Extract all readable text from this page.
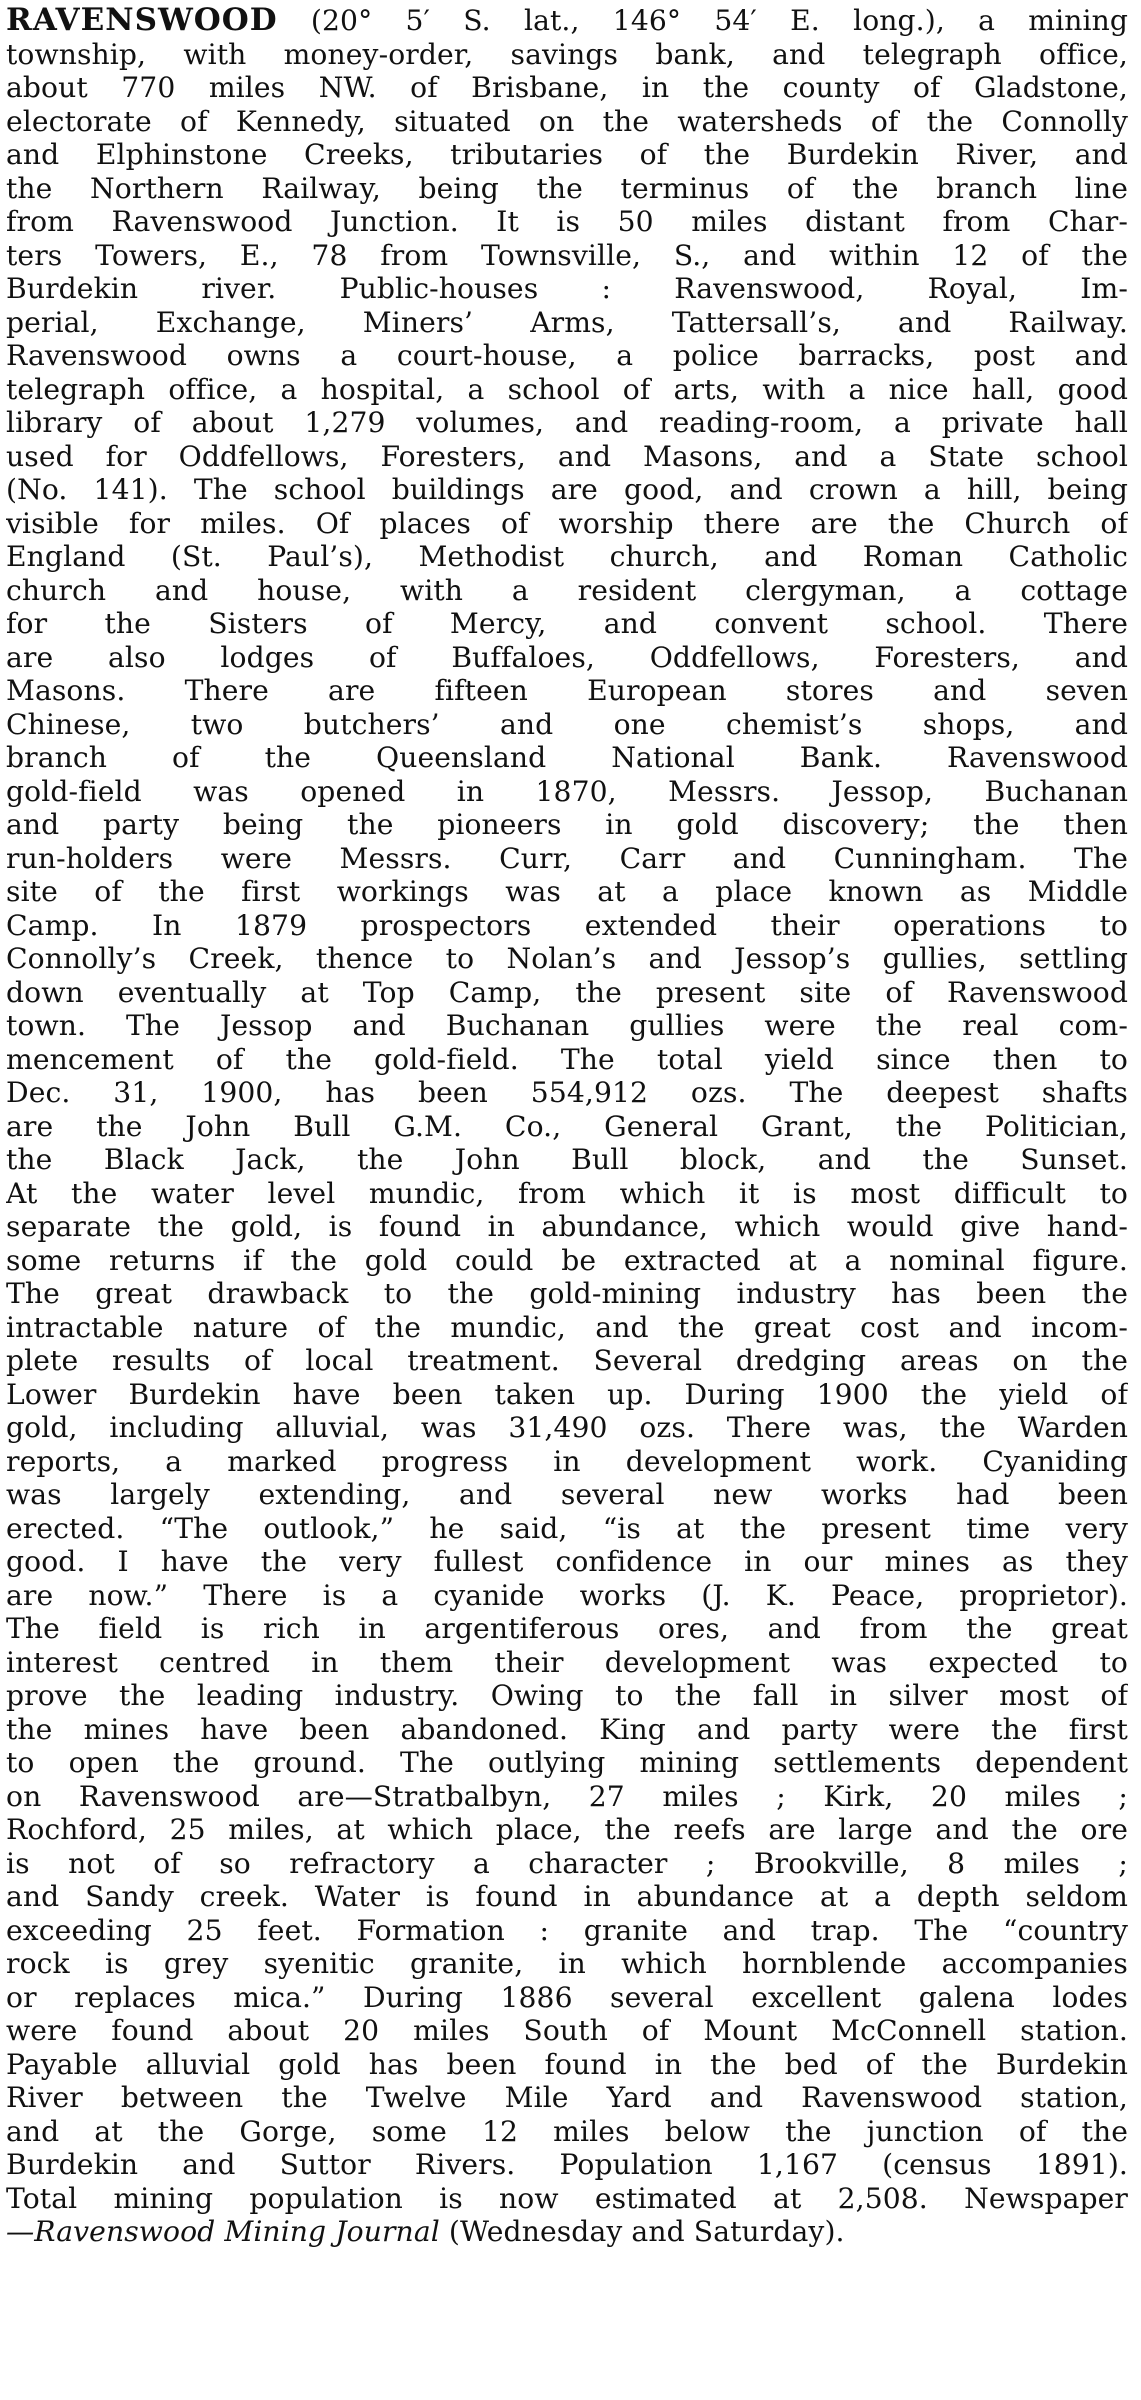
RAVENSWOOD (20° 5′ S. lat., 146° 54′ E. long.), a mining
township, with money-order, savings bank, and telegraph office,
about 770 miles NW. of Brisbane, in the county of Gladstone,
electorate of Kennedy, situated on the watersheds of the Connolly
and Elphinstone Creeks, tributaries of the Burdekin River, and
the Northern Railway, being the terminus of the branch line
from Ravenswood Junction. It is 50 miles distant from Char-
ters Towers, E., 78 from Townsville, S., and within 12 of the
Burdekin river. Public-houses : Ravenswood, Royal, Im-
perial, Exchange, Miners’ Arms, Tattersall’s, and Railway.
Ravenswood owns a court-house, a police barracks, post and
telegraph office, a hospital, a school of arts, with a nice hall, good
library of about 1,279 volumes, and reading-room, a private hall
used for Oddfellows, Foresters, and Masons, and a State school
(No. 141). The school buildings are good, and crown a hill, being
visible for miles. Of places of worship there are the Church of
England (St. Paul’s), Methodist church, and Roman Catholic
church and house, with a resident clergyman, a cottage
for the Sisters of Mercy, and convent school. There
are also lodges of Buffaloes, Oddfellows, Foresters, and
Masons. There are fifteen European stores and seven
Chinese, two butchers’ and one chemist’s shops, and
branch of the Queensland National Bank. Ravenswood
gold-field was opened in 1870, Messrs. Jessop, Buchanan
and party being the pioneers in gold discovery; the then
run-holders were Messrs. Curr, Carr and Cunningham. The
site of the first workings was at a place known as Middle
Camp. In 1879 prospectors extended their operations to
Connolly’s Creek, thence to Nolan’s and Jessop’s gullies, settling
down eventually at Top Camp, the present site of Ravenswood
town. The Jessop and Buchanan gullies were the real com-
mencement of the gold-field. The total yield since then to
Dec. 31, 1900, has been 554,912 ozs. The deepest shafts
are the John Bull G.M. Co., General Grant, the Politician,
the Black Jack, the John Bull block, and the Sunset.
At the water level mundic, from which it is most difficult to
separate the gold, is found in abundance, which would give hand-
some returns if the gold could be extracted at a nominal figure.
The great drawback to the gold-mining industry has been the
intractable nature of the mundic, and the great cost and incom-
plete results of local treatment. Several dredging areas on the
Lower Burdekin have been taken up. During 1900 the yield of
gold, including alluvial, was 31,490 ozs. There was, the Warden
reports, a marked progress in development work. Cyaniding
was largely extending, and several new works had been
erected. “The outlook,” he said, “is at the present time very
good. I have the very fullest confidence in our mines as they
are now.” There is a cyanide works (J. K. Peace, proprietor).
The field is rich in argentiferous ores, and from the great
interest centred in them their development was expected to
prove the leading industry. Owing to the fall in silver most of
the mines have been abandoned. King and party were the first
to open the ground. The outlying mining settlements dependent
on Ravenswood are—Stratbalbyn, 27 miles ; Kirk, 20 miles ;
Rochford, 25 miles, at which place, the reefs are large and the ore
is not of so refractory a character ; Brookville, 8 miles ;
and Sandy creek. Water is found in abundance at a depth seldom
exceeding 25 feet. Formation : granite and trap. The “country
rock is grey syenitic granite, in which hornblende accompanies
or replaces mica.” During 1886 several excellent galena lodes
were found about 20 miles South of Mount McConnell station.
Payable alluvial gold has been found in the bed of the Burdekin
River between the Twelve Mile Yard and Ravenswood station,
and at the Gorge, some 12 miles below the junction of the
Burdekin and Suttor Rivers. Population 1,167 (census 1891).
Total mining population is now estimated at 2,508. Newspaper
—Ravenswood Mining Journal (Wednesday and Saturday).
